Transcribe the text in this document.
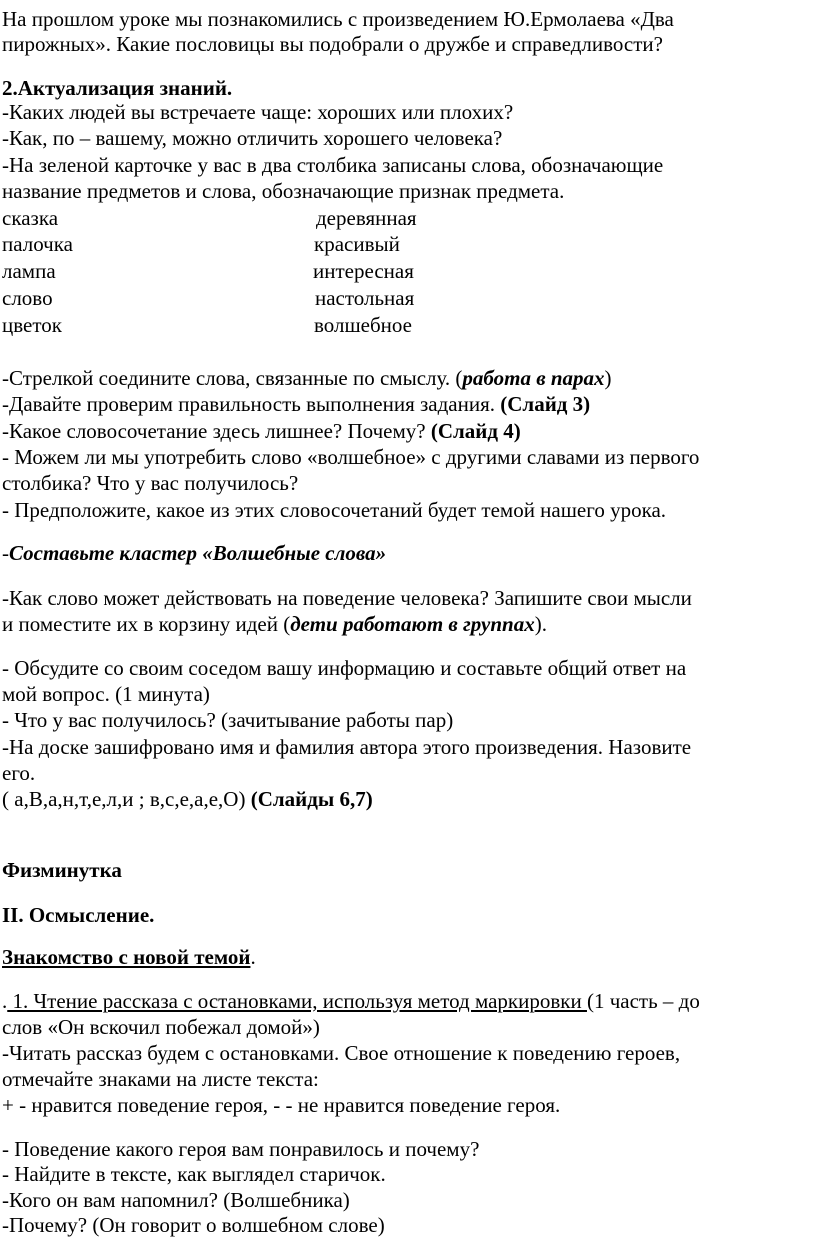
На прошлом уроке мы познакомились с произведением Ю.Ермолаева «Два
пирожных». Какие пословицы вы подобрали о дружбе и справедливости?
2.Актуализация знаний.
-Каких людей вы встречаете чаще: хороших или плохих?
-Как, по – вашему, можно отличить хорошего человека?
-На зеленой карточке у вас в два столбика записаны слова, обозначающие
название предметов и слова, обозначающие признак предмета.
сказка	деревянная
палочка	красивый
лампа	интересная
слово	настольная
цветок	волшебное
-Стрелкой соедините слова, связанные по смыслу. (работа в парах)
-Давайте проверим правильность выполнения задания. (Слайд 3)
-Какое словосочетание здесь лишнее? Почему? (Слайд 4)
- Можем ли мы употребить слово «волшебное» с другими славами из первого
столбика? Что у вас получилось?
- Предположите, какое из этих словосочетаний будет темой нашего урока.
-Составьте кластер «Волшебные слова»
-Как слово может действовать на поведение человека? Запишите свои мысли
и поместите их в корзину идей (дети работают в группах).
- Обсудите со своим соседом вашу информацию и составьте общий ответ на
мой вопрос. (1 минута)
- Что у вас получилось? (зачитывание работы пар)
-На доске зашифровано имя и фамилия автора этого произведения. Назовите
его.
( а,В,а,н,т,е,л,и ; в,с,е,а,е,О) (Слайды 6,7)
Физминутка
II. Осмысление.
Знакомство с новой темой.
. 1. Чтение рассказа с остановками, используя метод маркировки (1 часть – до
слов «Он вскочил побежал домой»)
-Читать рассказ будем с остановками. Свое отношение к поведению героев,
отмечайте знаками на листе текста:
+ - нравится поведение героя, - - не нравится поведение героя.
- Поведение какого героя вам понравилось и почему?
- Найдите в тексте, как выглядел старичок.
-Кого он вам напомнил? (Волшебника)
-Почему? (Он говорит о волшебном слове)
